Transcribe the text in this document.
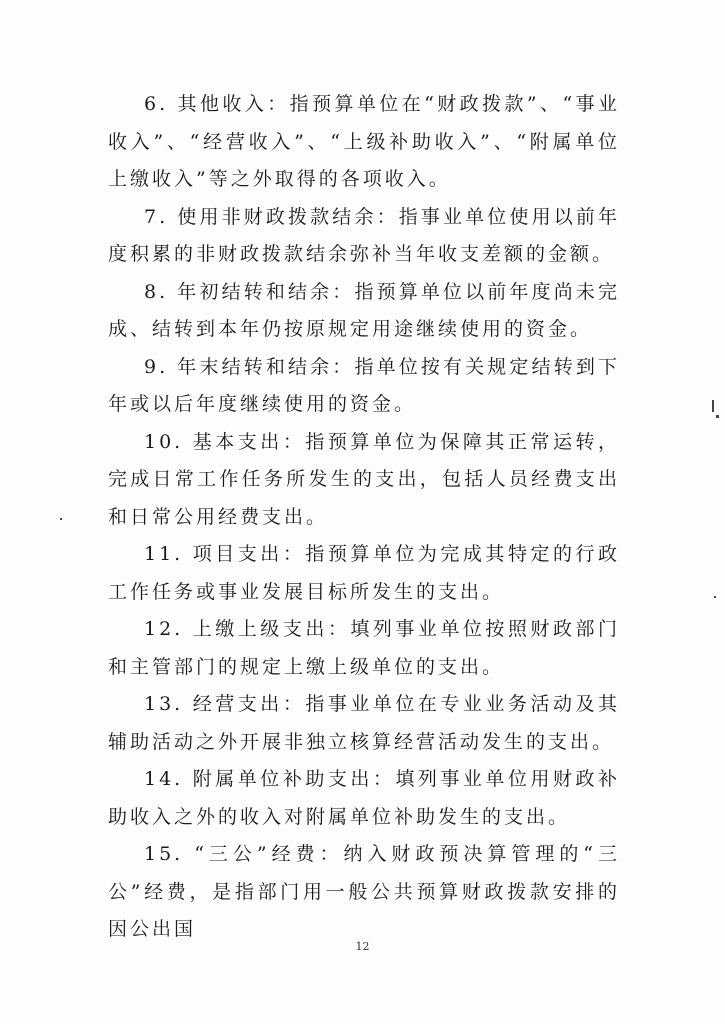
6. 其他收入：指预算单位在“财政拨款”、“事业收入”、“经营收入”、“上级补助收入”、“附属单位上缴收入”等之外取得的各项收入。

7. 使用非财政拨款结余：指事业单位使用以前年度积累的非财政拨款结余弥补当年收支差额的金额。

8. 年初结转和结余：指预算单位以前年度尚未完成、结转到本年仍按原规定用途继续使用的资金。

9. 年末结转和结余：指单位按有关规定结转到下年或以后年度继续使用的资金。

10. 基本支出：指预算单位为保障其正常运转，完成日常工作任务所发生的支出，包括人员经费支出和日常公用经费支出。

11. 项目支出：指预算单位为完成其特定的行政工作任务或事业发展目标所发生的支出。

12. 上缴上级支出：填列事业单位按照财政部门和主管部门的规定上缴上级单位的支出。

13. 经营支出：指事业单位在专业业务活动及其辅助活动之外开展非独立核算经营活动发生的支出。

14. 附属单位补助支出：填列事业单位用财政补助收入之外的收入对附属单位补助发生的支出。

15. “三公”经费：纳入财政预决算管理的“三公”经费，是指部门用一般公共预算财政拨款安排的因公出国

12
